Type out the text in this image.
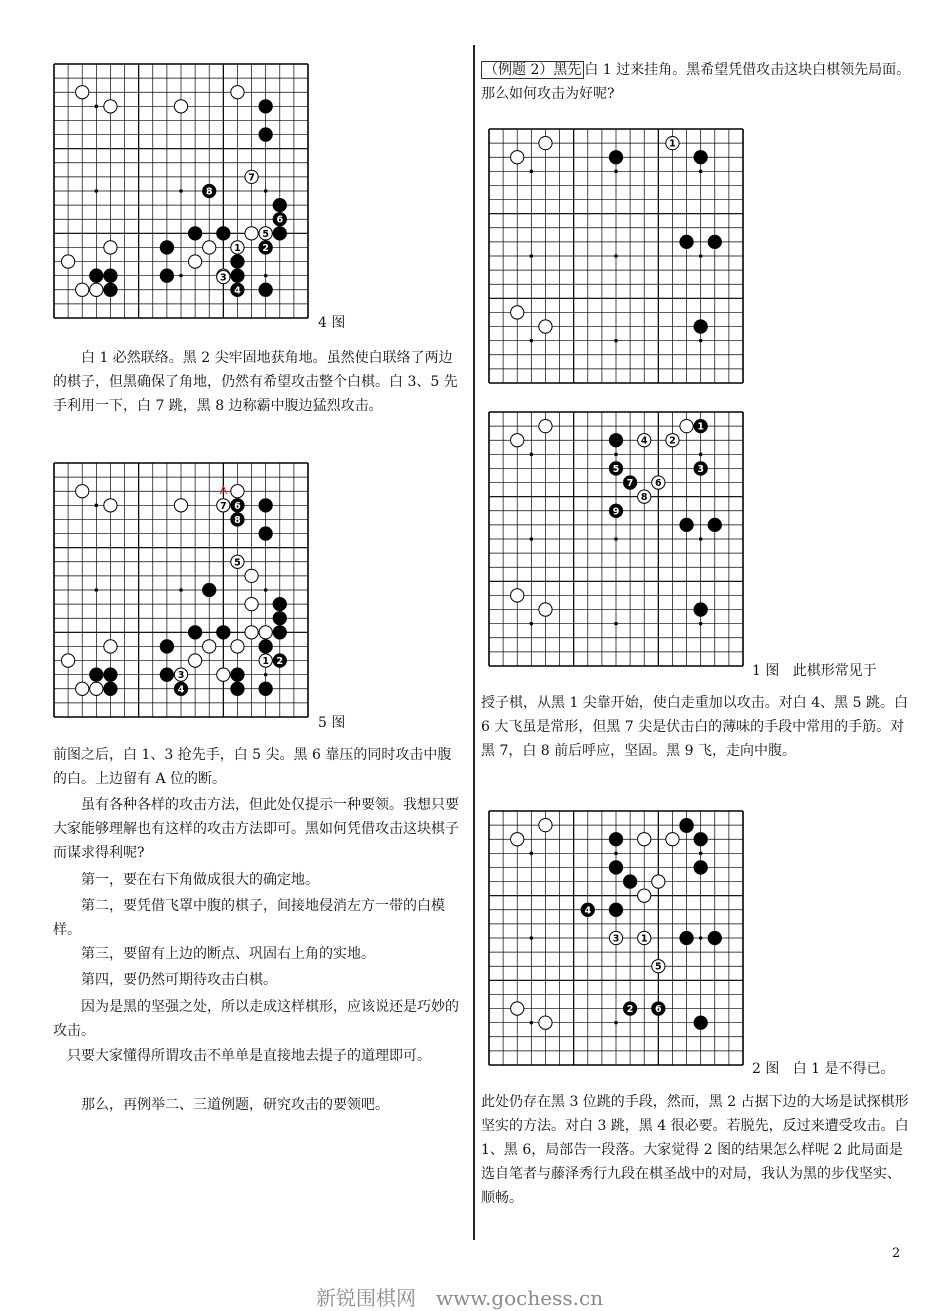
7
8
6
5
1 2
3
4
4 图

　　白 1 必然联络。黑 2 尖牢固地获角地。虽然使白联络了两边的棋子，但黑确保了角地，仍然有希望攻击整个白棋。白 3、5 先手利用一下，白 7 跳，黑 8 边称霸中腹边猛烈攻击。

7 6
8
5
1 2
3
4
A
5 图

前图之后，白 1、3 抢先手，白 5 尖。黑 6 靠压的同时攻击中腹的白。上边留有 A 位的断。

　　虽有各种各样的攻击方法，但此处仅提示一种要领。我想只要大家能够理解也有这样的攻击方法即可。黑如何凭借攻击这块棋子而谋求得利呢?

　　第一，要在右下角做成很大的确定地。

　　第二，要凭借飞罩中腹的棋子，间接地侵消左方一带的白模样。

　　第三，要留有上边的断点、巩固右上角的实地。

　　第四，要仍然可期待攻击白棋。

　　因为是黑的坚强之处，所以走成这样棋形，应该说还是巧妙的攻击。

　只要大家懂得所谓攻击不单单是直接地去提子的道理即可。

　　那么，再例举二、三道例题，研究攻击的要领吧。

（例题 2）黑先 白 1 过来挂角。黑希望凭借攻击这块白棋领先局面。那么如何攻击为好呢?

1
4 2
1
5	3
7 6
8
9
1 图 此棋形常见于

授子棋，从黑 1 尖靠开始，使白走重加以攻击。对白 4、黑 5 跳。白 6 大飞虽是常形，但黑 7 尖是伏击白的薄味的手段中常用的手筋。对黑 7，白 8 前后呼应，坚固。黑 9 飞，走向中腹。

4
3 1
5
2 6
2 图 白 1 是不得已。

此处仍存在黑 3 位跳的手段，然而，黑 2 占据下边的大场是试探棋形坚实的方法。对白 3 跳，黑 4 很必要。若脱先，反过来遭受攻击。白 1、黑 6，局部告一段落。大家觉得 2 图的结果怎么样呢 2 此局面是选自笔者与藤泽秀行九段在棋圣战中的对局，我认为黑的步伐坚实、顺畅。

2
新锐围棋网　www.gochess.cn
